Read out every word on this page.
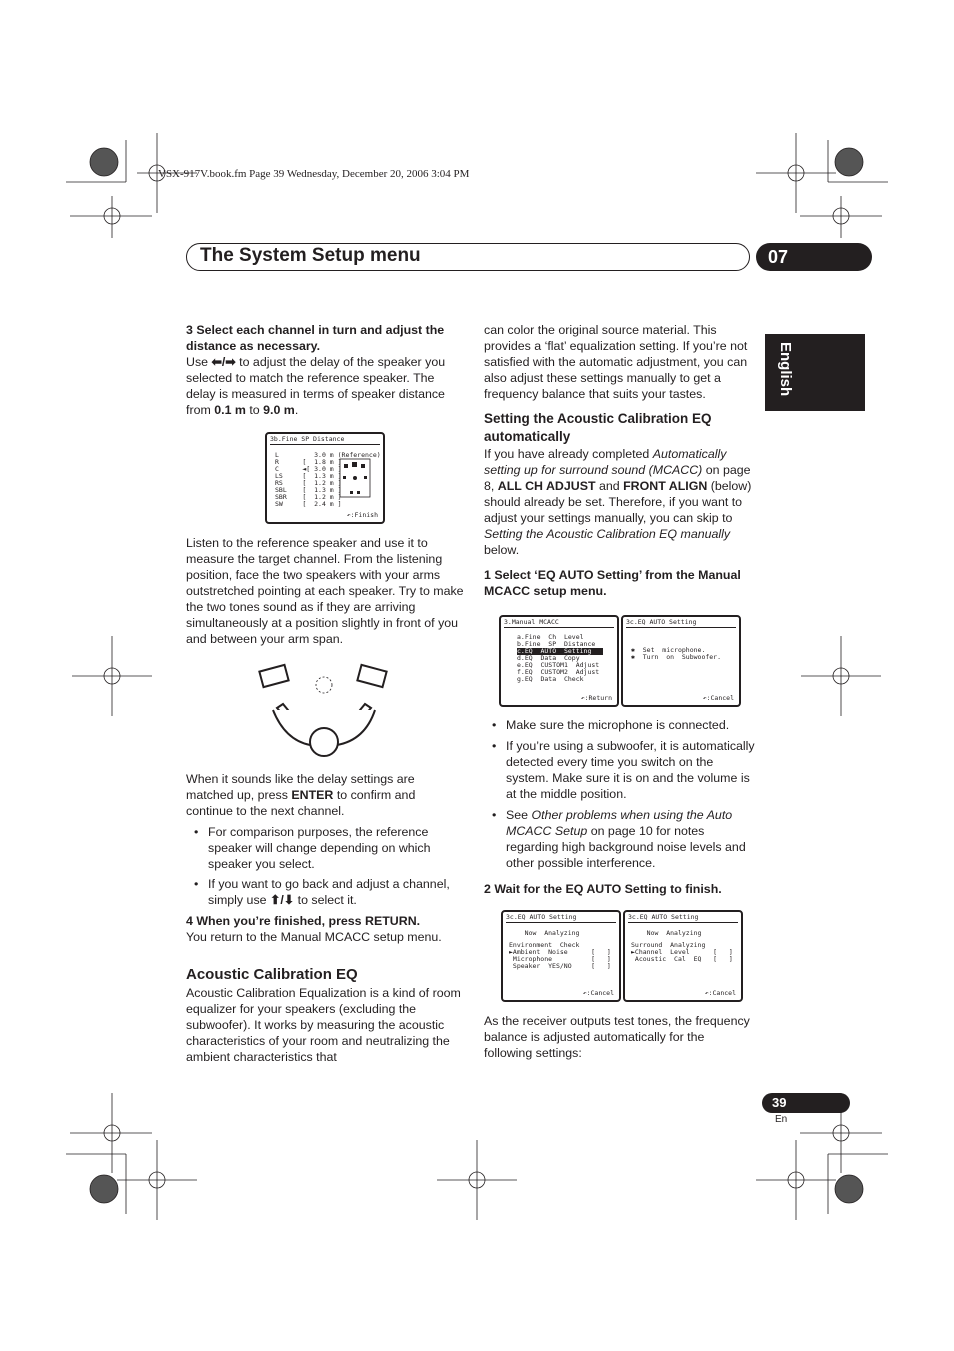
VSX-917V.book.fm Page 39 Wednesday, December 20, 2006 3:04 PM
The System Setup menu	07
English

3 Select each channel in turn and adjust the distance as necessary.

Use ⬅/➡ to adjust the delay of the speaker you selected to match the reference speaker. The delay is measured in terms of speaker distance from 0.1 m to 9.0 m.

3b.Fine SP Distance
L         3.0 m (Reference)
R      [  1.8 m ]
C      ◄[ 3.0 m ]
LS     [  1.3 m ]
RS     [  1.2 m ]
SBL    [  1.3 m ]
SBR    [  1.2 m ]
SW     [  2.4 m ]
↶:Finish

Listen to the reference speaker and use it to measure the target channel. From the listening position, face the two speakers with your arms outstretched pointing at each speaker. Try to make the two tones sound as if they are arriving simultaneously at a position slightly in front of you and between your arm span.

When it sounds like the delay settings are matched up, press ENTER to confirm and continue to the next channel.

• For comparison purposes, the reference speaker will change depending on which speaker you select.
• If you want to go back and adjust a channel, simply use ⬆/⬇ to select it.

4 When you’re finished, press RETURN.

You return to the Manual MCACC setup menu.

Acoustic Calibration EQ

Acoustic Calibration Equalization is a kind of room equalizer for your speakers (excluding the subwoofer). It works by measuring the acoustic characteristics of your room and neutralizing the ambient characteristics that

can color the original source material. This provides a ‘flat’ equalization setting. If you’re not satisfied with the automatic adjustment, you can also adjust these settings manually to get a frequency balance that suits your tastes.

Setting the Acoustic Calibration EQ automatically

If you have already completed Automatically setting up for surround sound (MCACC) on page 8, ALL CH ADJUST and FRONT ALIGN (below) should already be set. Therefore, if you want to adjust your settings manually, you can skip to Setting the Acoustic Calibration EQ manually below.

1 Select ‘EQ AUTO Setting’ from the Manual MCACC setup menu.

3.Manual MCACC
a.Fine  Ch  Level
b.Fine  SP  Distance
c.EQ  AUTO  Setting
d.EQ  Data  Copy
e.EQ  CUSTOM1  Adjust
f.EQ  CUSTOM2  Adjust
g.EQ  Data  Check
↶:Return
3c.EQ AUTO Setting
✱  Set  microphone.
✱  Turn  on  Subwoofer.
↶:Cancel
• Make sure the microphone is connected.
• If you’re using a subwoofer, it is automatically detected every time you switch on the system. Make sure it is on and the volume is at the middle position.
• See Other problems when using the Auto MCACC Setup on page 10 for notes regarding high background noise levels and other possible interference.

2 Wait for the EQ AUTO Setting to finish.

3c.EQ AUTO Setting
Now  Analyzing
Environment  Check
►Ambient  Noise      [   ]
Microphone          [   ]
Speaker  YES/NO     [   ]
↶:Cancel
3c.EQ AUTO Setting
Now  Analyzing
Surround  Analyzing
►Channel  Level      [   ]
Acoustic  Cal  EQ   [   ]
↶:Cancel

As the receiver outputs test tones, the frequency balance is adjusted automatically for the following settings:

39
En
